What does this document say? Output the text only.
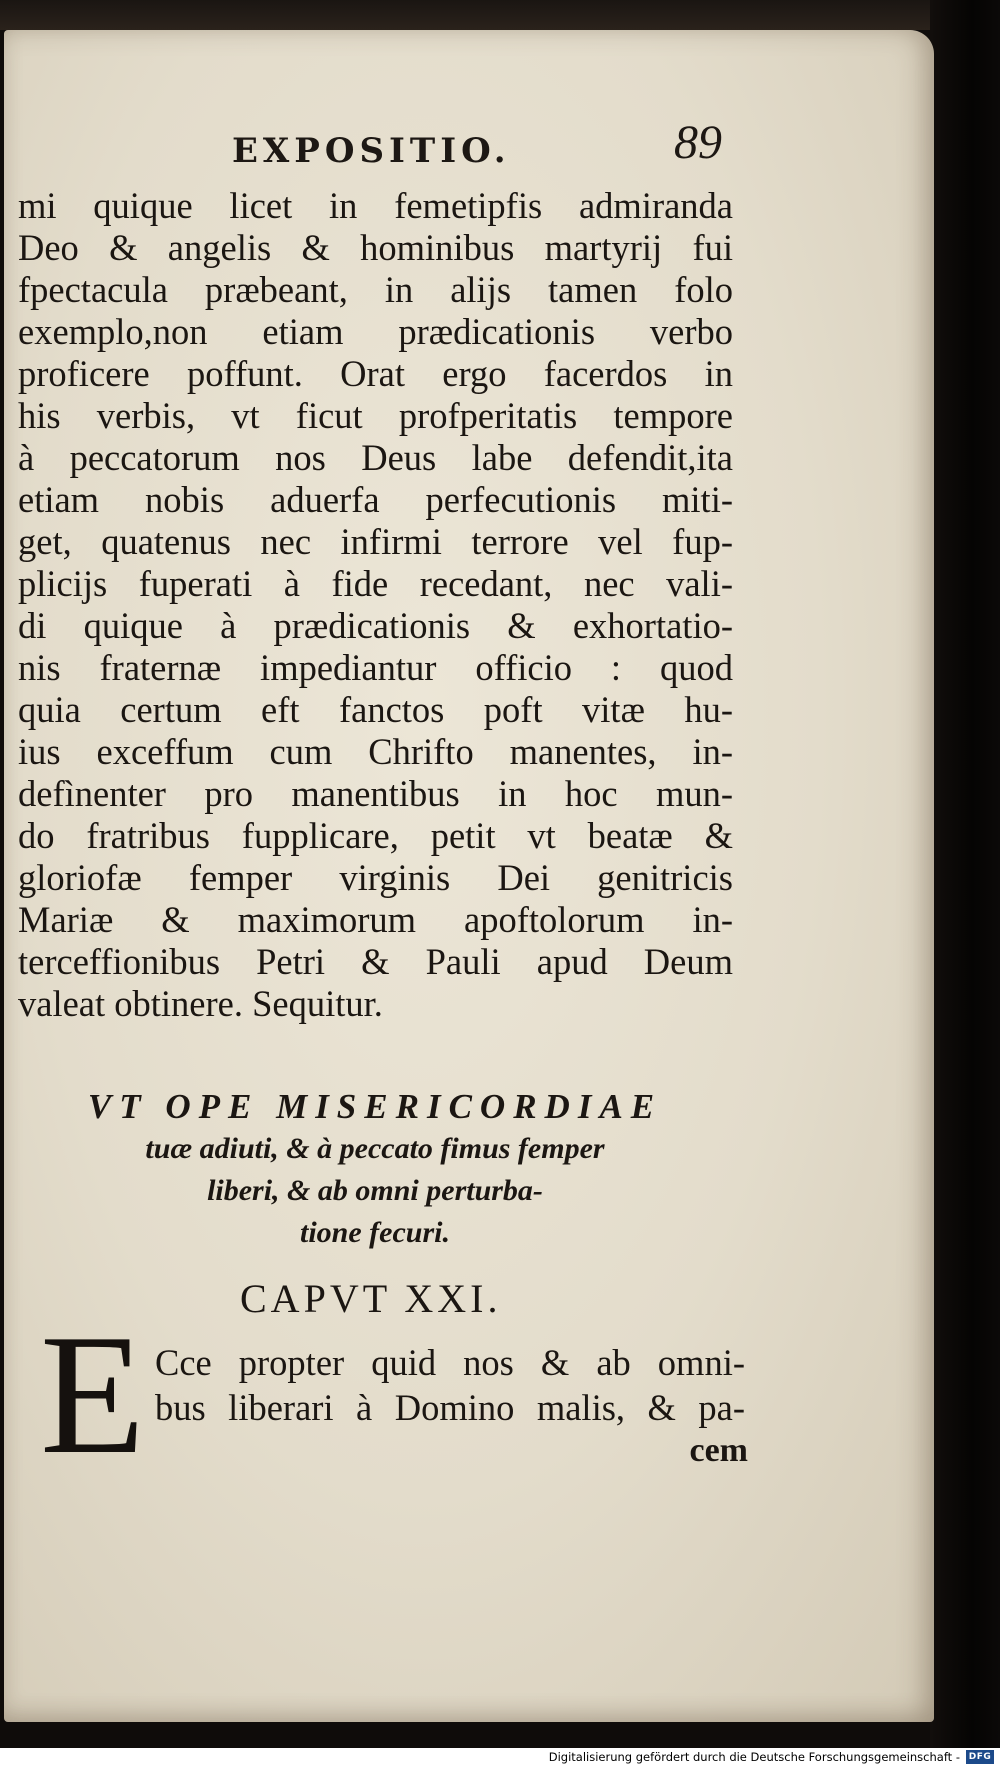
EXPOSITIO.	89
mi quique licet in femetipfis admiranda
Deo & angelis & hominibus martyrij fui
fpectacula præbeant, in alijs tamen folo
exemplo,non etiam prædicationis verbo
proficere poffunt. Orat ergo facerdos in
his verbis, vt ficut profperitatis tempore
à peccatorum nos Deus labe defendit,ita
etiam nobis aduerfa perfecutionis miti-
get, quatenus nec infirmi terrore vel fup-
plicijs fuperati à fide recedant, nec vali-
di quique à prædicationis & exhortatio-
nis fraternæ impediantur officio : quod
quia certum eft fanctos poft vitæ hu-
ius exceffum cum Chrifto manentes, in-
defìnenter pro manentibus in hoc mun-
do fratribus fupplicare, petit vt beatæ &
gloriofæ femper virginis Dei genitricis
Mariæ & maximorum apoftolorum in-
terceffionibus Petri & Pauli apud Deum
valeat obtinere. Sequitur.
VT OPE MISERICORDIAE
tuæ adiuti, & à peccato fimus femper
liberi, & ab omni perturba-
tione fecuri.
CAPVT XXI.
E Cce propter quid nos & ab omni-
bus liberari à Domino malis, & pa-
cem
Digitalisierung gefördert durch die Deutsche Forschungsgemeinschaft - DFG
